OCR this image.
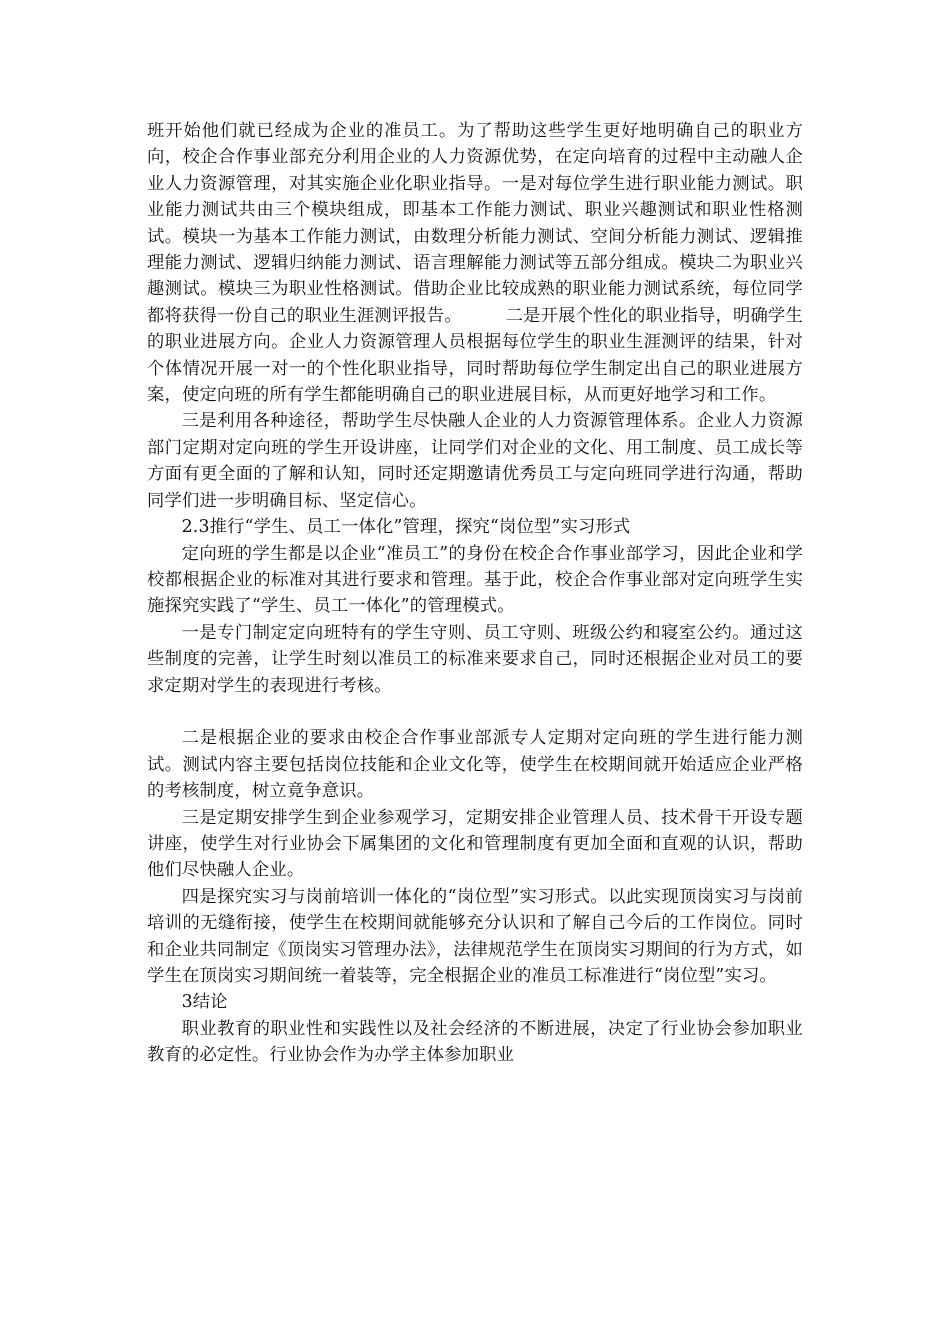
班开始他们就已经成为企业的准员工。为了帮助这些学生更好地明确自己的职业方向，校企合作事业部充分利用企业的人力资源优势，在定向培育的过程中主动融人企业人力资源管理，对其实施企业化职业指导。一是对每位学生进行职业能力测试。职业能力测试共由三个模块组成，即基本工作能力测试、职业兴趣测试和职业性格测试。模块一为基本工作能力测试，由数理分析能力测试、空间分析能力测试、逻辑推理能力测试、逻辑归纳能力测试、语言理解能力测试等五部分组成。模块二为职业兴趣测试。模块三为职业性格测试。借助企业比较成熟的职业能力测试系统，每位同学都将获得一份自己的职业生涯测评报告。　　　二是开展个性化的职业指导，明确学生的职业进展方向。企业人力资源管理人员根据每位学生的职业生涯测评的结果，针对个体情况开展一对一的个性化职业指导，同时帮助每位学生制定出自己的职业进展方案，使定向班的所有学生都能明确自己的职业进展目标，从而更好地学习和工作。

三是利用各种途径，帮助学生尽快融人企业的人力资源管理体系。企业人力资源部门定期对定向班的学生开设讲座，让同学们对企业的文化、用工制度、员工成长等方面有更全面的了解和认知，同时还定期邀请优秀员工与定向班同学进行沟通，帮助同学们进一步明确目标、坚定信心。

2.3推行“学生、员工一体化”管理，探究“岗位型”实习形式

定向班的学生都是以企业“准员工”的身份在校企合作事业部学习，因此企业和学校都根据企业的标准对其进行要求和管理。基于此，校企合作事业部对定向班学生实施探究实践了“学生、员工一体化”的管理模式。

一是专门制定定向班特有的学生守则、员工守则、班级公约和寝室公约。通过这些制度的完善，让学生时刻以准员工的标准来要求自己，同时还根据企业对员工的要求定期对学生的表现进行考核。

二是根据企业的要求由校企合作事业部派专人定期对定向班的学生进行能力测试。测试内容主要包括岗位技能和企业文化等，使学生在校期间就开始适应企业严格的考核制度，树立竟争意识。

三是定期安排学生到企业参观学习，定期安排企业管理人员、技术骨干开设专题讲座，使学生对行业协会下属集团的文化和管理制度有更加全面和直观的认识，帮助他们尽快融人企业。

四是探究实习与岗前培训一体化的“岗位型”实习形式。以此实现顶岗实习与岗前培训的无缝衔接，使学生在校期间就能够充分认识和了解自己今后的工作岗位。同时和企业共同制定《顶岗实习管理办法》，法律规范学生在顶岗实习期间的行为方式，如学生在顶岗实习期间统一着装等，完全根据企业的准员工标准进行“岗位型”实习。

3结论

职业教育的职业性和实践性以及社会经济的不断进展，决定了行业协会参加职业教育的必定性。行业协会作为办学主体参加职业
